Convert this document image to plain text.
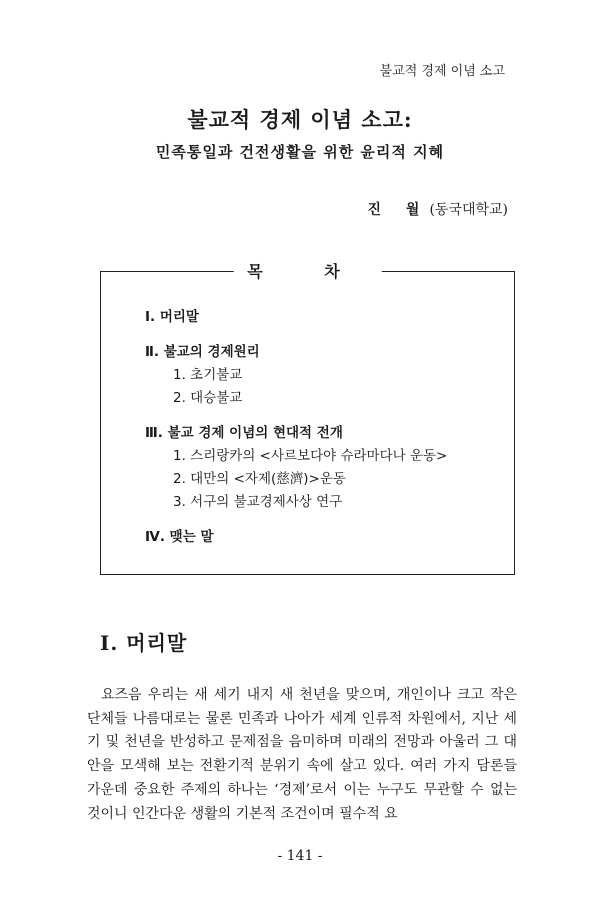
불교적 경제 이념 소고
불교적 경제 이념 소고:
민족통일과 건전생활을 위한 윤리적 지혜
진 월(동국대학교)
목 차
Ⅰ. 머리말
Ⅱ. 불교의 경제원리
1. 초기불교
2. 대승불교
Ⅲ. 불교 경제 이념의 현대적 전개
1. 스리랑카의 <사르보다야 슈라마다나 운동>
2. 대만의 <자제(慈濟)>운동
3. 서구의 불교경제사상 연구
Ⅳ. 맺는 말
Ⅰ. 머리말
요즈음 우리는 새 세기 내지 새 천년을 맞으며, 개인이나 크고 작은 단체들 나름대로는 물론 민족과 나아가 세계 인류적 차원에서, 지난 세기 및 천년을 반성하고 문제점을 음미하며 미래의 전망과 아울러 그 대안을 모색해 보는 전환기적 분위기 속에 살고 있다. 여러 가지 담론들 가운데 중요한 주제의 하나는 ‘경제’로서 이는 누구도 무관할 수 없는 것이니 인간다운 생활의 기본적 조건이며 필수적 요
- 141 -
